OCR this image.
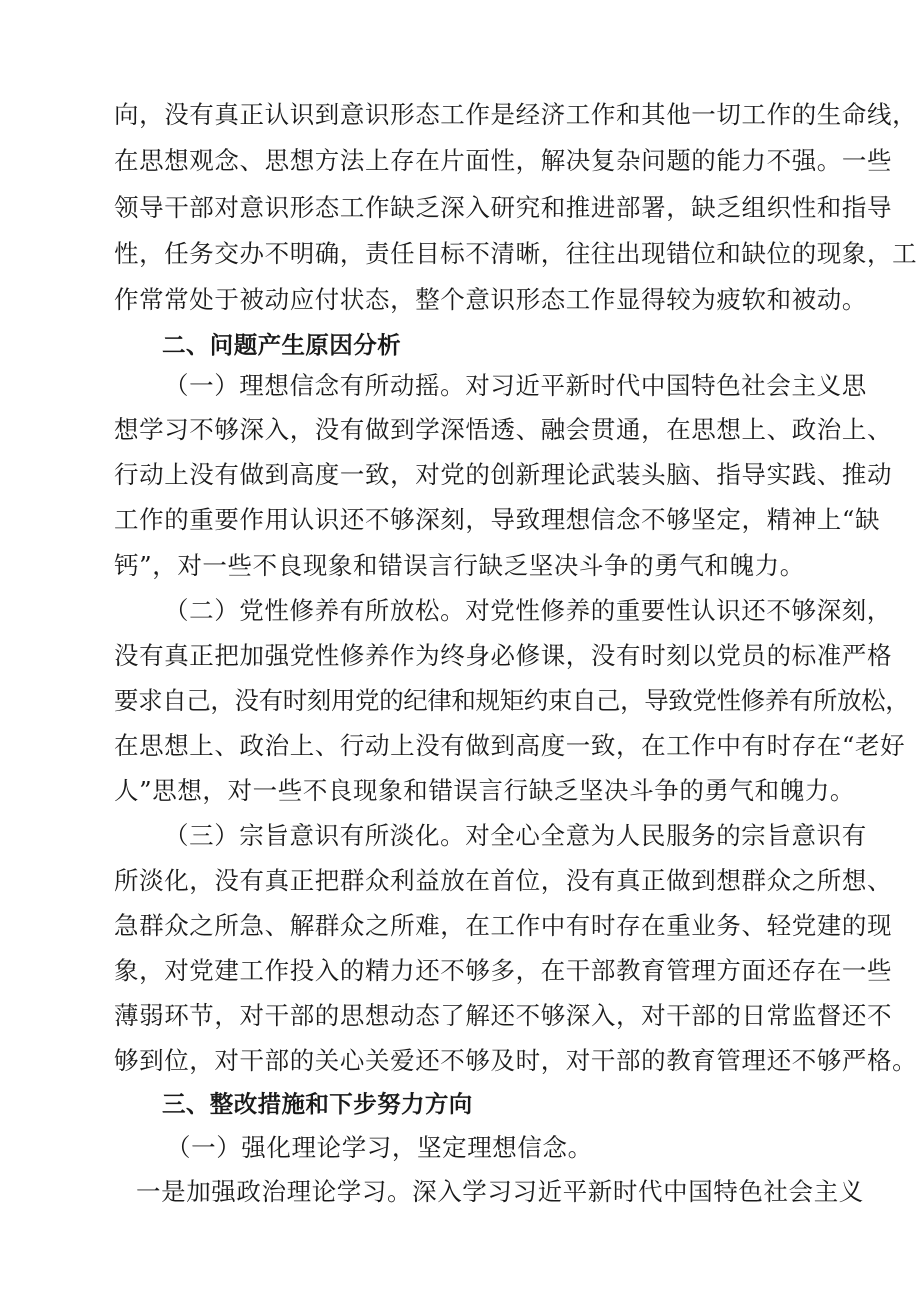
向，没有真正认识到意识形态工作是经济工作和其他一切工作的生命线，
在思想观念、思想方法上存在片面性，解决复杂问题的能力不强。一些
领导干部对意识形态工作缺乏深入研究和推进部署，缺乏组织性和指导
性，任务交办不明确，责任目标不清晰，往往出现错位和缺位的现象，工
作常常处于被动应付状态，整个意识形态工作显得较为疲软和被动。
二、问题产生原因分析
（一）理想信念有所动摇。对习近平新时代中国特色社会主义思
想学习不够深入，没有做到学深悟透、融会贯通，在思想上、政治上、
行动上没有做到高度一致，对党的创新理论武装头脑、指导实践、推动
工作的重要作用认识还不够深刻，导致理想信念不够坚定，精神上“缺
钙”，对一些不良现象和错误言行缺乏坚决斗争的勇气和魄力。
（二）党性修养有所放松。对党性修养的重要性认识还不够深刻，
没有真正把加强党性修养作为终身必修课，没有时刻以党员的标准严格
要求自己，没有时刻用党的纪律和规矩约束自己，导致党性修养有所放松，
在思想上、政治上、行动上没有做到高度一致，在工作中有时存在“老好
人”思想，对一些不良现象和错误言行缺乏坚决斗争的勇气和魄力。
（三）宗旨意识有所淡化。对全心全意为人民服务的宗旨意识有
所淡化，没有真正把群众利益放在首位，没有真正做到想群众之所想、
急群众之所急、解群众之所难，在工作中有时存在重业务、轻党建的现
象，对党建工作投入的精力还不够多，在干部教育管理方面还存在一些
薄弱环节，对干部的思想动态了解还不够深入，对干部的日常监督还不
够到位，对干部的关心关爱还不够及时，对干部的教育管理还不够严格。
三、整改措施和下步努力方向
（一）强化理论学习，坚定理想信念。
一是加强政治理论学习。深入学习习近平新时代中国特色社会主义
